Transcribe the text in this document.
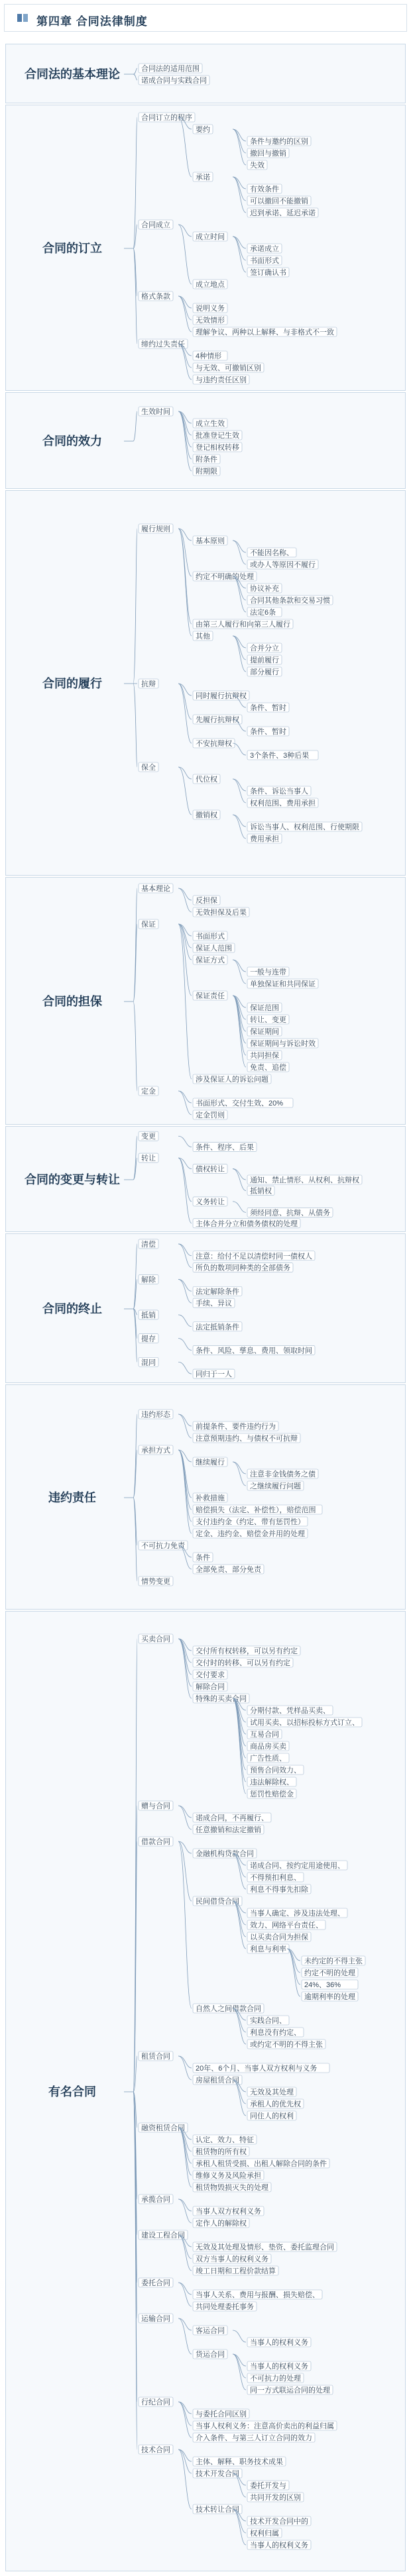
第四章 合同法律制度
合同法的基本理论	合同法的适用范围
诺成合同与实践合同
合同的订立
合同订立的程序
要约
条件与邀约的区别
撤回与撤销
失效
承诺
有效条件
可以撤回不能撤销
迟到承诺、延迟承诺
合同成立
成立时间
承诺成立
书面形式
签订确认书
成立地点
格式条款
说明义务
无效情形
理解争议、两种以上解释、与非格式不一致
缔约过失责任
4种情形
与无效、可撤销区别
与违约责任区别
合同的效力
生效时间
成立生效
批准登记生效
登记相权转移
附条件
附期限
合同的履行
履行规则
基本原则
不能因名称、
或办人等原因不履行
约定不明确的处理
协议补充
合同其他条款和交易习惯
法定6条
由第三人履行和向第三人履行
其他
合并分立
提前履行
部分履行
抗辩
同时履行抗辩权
条件、暂时
先履行抗辩权
条件、暂时
不安抗辩权
3个条件、3种后果
保全
代位权
条件、诉讼当事人
权利范围、费用承担
撤销权
诉讼当事人、权利范围、行使期限
费用承担
合同的担保
基本理论
反担保
无效担保及后果
保证
书面形式
保证人范围
保证方式
一般与连带
单独保证和共同保证
保证责任
保证范围
转让、变更
保证期间
保证期间与诉讼时效
共同担保
免责、追偿
涉及保证人的诉讼问题
定金
书面形式、交付生效、20%
定金罚则
合同的变更与转让
变更
条件、程序、后果
转让
债权转让
通知、禁止情形、从权利、抗辩权
抵销权
义务转让
须经同意、抗辩、从债务
主体合并分立和债务债权的处理
合同的终止
清偿
注意：给付不足以清偿时同一债权人
所负的数项同种类的全部债务
解除
法定解除条件
手续、异议
抵销
法定抵销条件
提存
条件、风险、孳息、费用、领取时间
混同
同归于一人
违约责任
违约形态
前提条件、要件违约行为
注意预期违约、与债权不可抗辩
承担方式
继续履行
注意非金钱债务之债
之继续履行问题
补救措施
赔偿损失（法定、补偿性），赔偿范围
支付违约金（约定、带有惩罚性）
定金、违约金、赔偿金并用的处理
不可抗力免责
条件
全部免责、部分免责
情势变更
有名合同
买卖合同
交付所有权转移，可以另有约定
交付时的转移、可以另有约定
交付要求
解除合同
特殊的买卖合同
分期付款、凭样品买卖、
试用买卖、以招标投标方式订立、
互易合同
商品房买卖
广告性质、
预售合同效力、
违法解除权、
惩罚性赔偿金
赠与合同
诺成合同，不再履行、
任意撤销和法定撤销
借款合同
金融机构贷款合同
诺成合同、按约定用途使用、
不得预扣利息、
利息不得事先扣除
民间借贷合同
当事人确定、涉及违法处理、
效力、网络平台责任、
以买卖合同为担保
利息与利率
未约定的不得主张
约定不明的处理
24%、36%
逾期利率的处理
自然人之间借款合同
实践合同、
利息没有约定、
或约定不明的不得主张
租赁合同
20年、6个月、当事人双方权利与义务
房屋租赁合同
无效及其处理
承租人的优先权
同住人的权利
融资租赁合同
认定、效力、特征
租赁物的所有权
承租人租赁受损、出租人解除合同的条件
维修义务及风险承担
租赁物毁损灭失的处理
承揽合同
当事人双方权利义务
定作人的解除权
建设工程合同
无效及其处理及情形、垫资、委托监理合同
双方当事人的权利义务
竣工日期和工程价款结算
委托合同
当事人关系、费用与报酬、损失赔偿、
共同处理委托事务
运输合同
客运合同
当事人的权利义务
货运合同
当事人的权利义务
不可抗力的处理
同一方式联运合同的处理
行纪合同
与委托合同区别
当事人权利义务：注意高价卖出的利益归属
介入条件、与第三人订立合同的效力
技术合同
主体、解释、职务技术成果
技术开发合同
委托开发与
共同开发的区别
技术转让合同
技术开发合同中的
权利归属
当事人的权利义务
